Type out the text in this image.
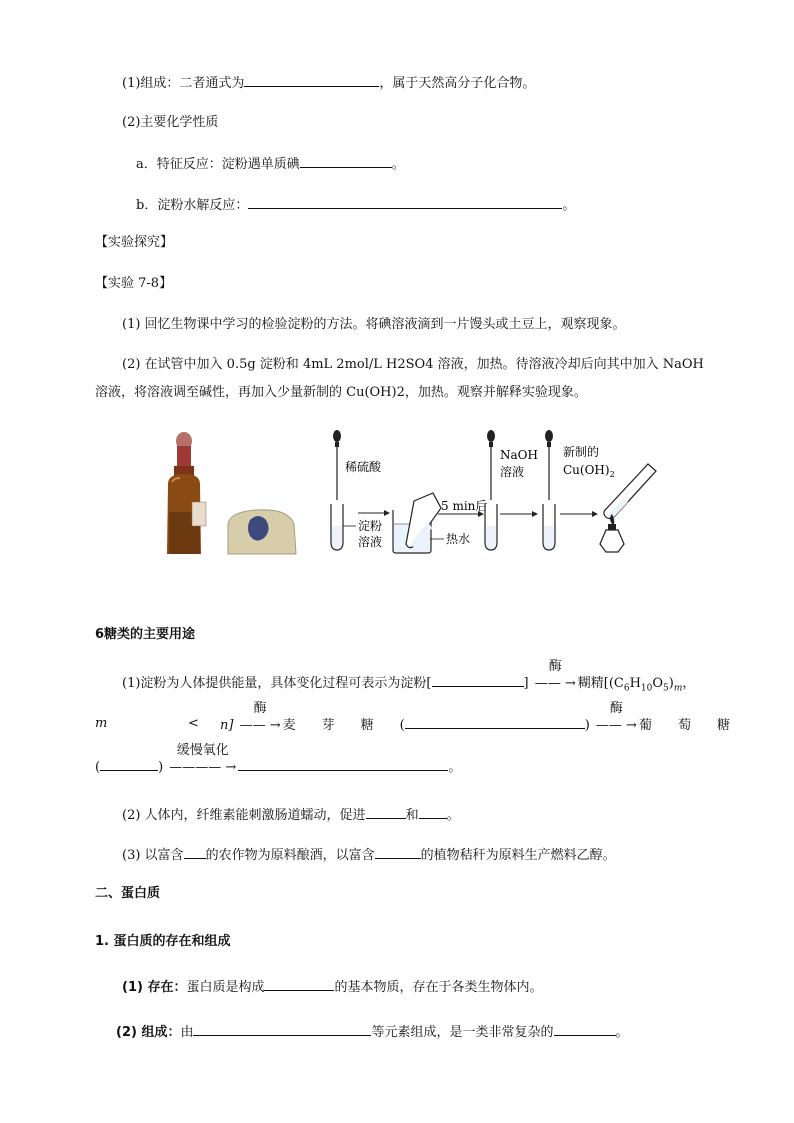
(1)组成：二者通式为	，属于天然高分子化合物。
(2)主要化学性质
a．特征反应：淀粉遇单质碘	。
b．淀粉水解反应：	。
【实验探究】
【实验 7-8】
(1) 回忆生物课中学习的检验淀粉的方法。将碘溶液滴到一片馒头或土豆上，观察现象。
(2) 在试管中加入 0.5g 淀粉和 4mL 2mol/L H2SO4 溶液，加热。待溶液冷却后向其中加入 NaOH
溶液，将溶液调至碱性，再加入少量新制的 Cu(OH)2，加热。观察并解释实验现象。
稀硫酸
淀粉
溶液	热水
5 min后
NaOH
溶液
新制的
$Cu(OH)_2$
6糖类的主要用途
(1)淀粉为人体提供能量，具体变化过程可表示为淀粉[	]
酶
—— → 糊精[$(C_6H_{10}O_5)_m$，
m	< n]
酶
—— → 麦　　芽　　糖　　(	)
酶
—— → 葡　　萄　　糖
(	)
缓慢氧化
———— →	。
(2) 人体内，纤维素能刺激肠道蠕动，促进	和 。
(3) 以富含 的农作物为原料酿酒，以富含	的植物秸秆为原料生产燃料乙醇。
二、蛋白质
1. 蛋白质的存在和组成
(1) 存在：蛋白质是构成	的基本物质，存在于各类生物体内。
(2) 组成：由	等元素组成，是一类非常复杂的	。
